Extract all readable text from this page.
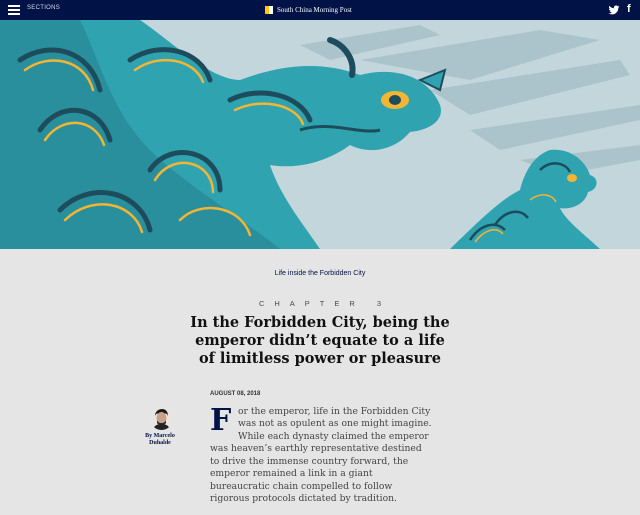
SECTIONS	South China Morning Post	f
Life inside the Forbidden City
CHAPTER 3
In the Forbidden City, being the emperor didn’t equate to a life of limitless power or pleasure
AUGUST 08, 2018
By Marcelo
Duhalde
F or the emperor, life in the Forbidden City
was not as opulent as one might imagine.
While each dynasty claimed the emperor
was heaven’s earthly representative destined
to drive the immense country forward, the
emperor remained a link in a giant
bureaucratic chain compelled to follow
rigorous protocols dictated by tradition.
